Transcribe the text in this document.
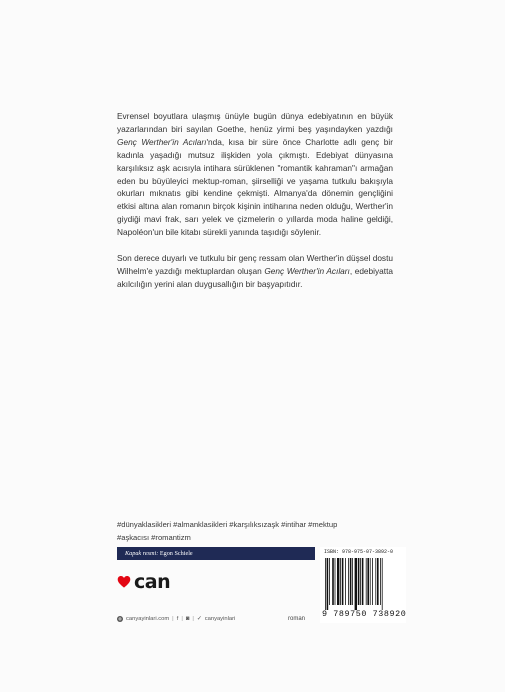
Evrensel boyutlara ulaşmış ünüyle bugün dünya edebiyatının en büyük yazarlarından biri sayılan Goethe, henüz yirmi beş yaşındayken yazdığı Genç Werther'in Acıları'nda, kısa bir süre önce Charlotte adlı genç bir kadınla yaşadığı mutsuz ilişkiden yola çıkmıştı. Edebiyat dünyasına karşılıksız aşk acısıyla intihara sürüklenen "romantik kahraman"ı armağan eden bu büyüleyici mektup-roman, şiirselliği ve yaşama tutkulu bakışıyla okurları mıknatıs gibi kendine çekmişti. Almanya'da dönemin gençliğini etkisi altına alan romanın birçok kişinin intiharına neden olduğu, Werther'in giydiği mavi frak, sarı yelek ve çizmelerin o yıllarda moda haline geldiği, Napoléon'un bile kitabı sürekli yanında taşıdığı söylenir.

Son derece duyarlı ve tutkulu bir genç ressam olan Werther'in düşsel dostu Wilhelm'e yazdığı mektuplardan oluşan Genç Werther'in Acıları, edebiyatta akılcılığın yerini alan duygusallığın bir başyapıtıdır.

#dünyaklasikleri #almanklasikleri #karşılıksızaşk #intihar #mektup
#aşkacısı #romantizm
Kapak resmi: Egon Schiele
can
◍ canyayinlari.com | f | ◙ | ✓ canyayinlari	roman
ISBN: 978-975-07-3892-0
9 789750 738920
